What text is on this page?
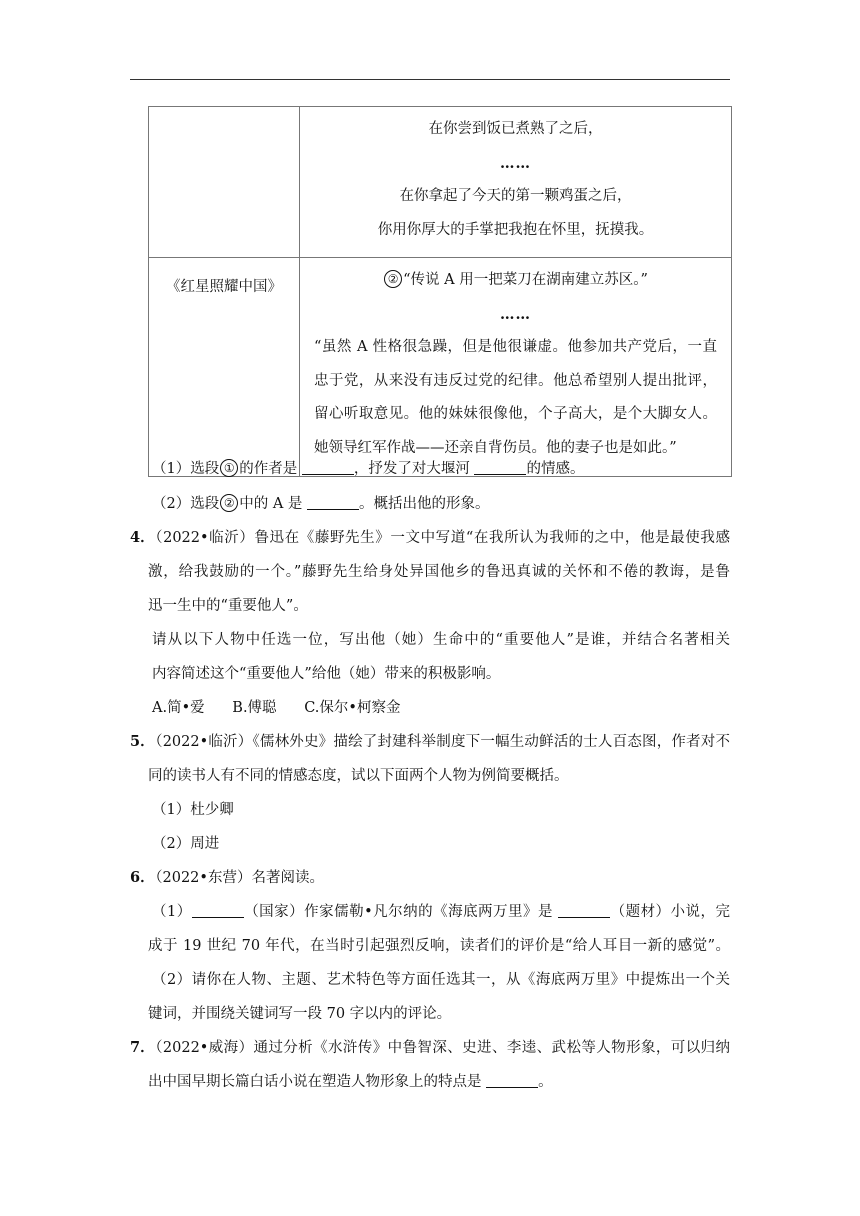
	在你尝到饭已煮熟了之后，
……
在你拿起了今天的第一颗鸡蛋之后，
你用你厚大的手掌把我抱在怀里，抚摸我。

《红星照耀中国》	② “传说 A 用一把菜刀在湖南建立苏区。”
……
“虽然 A 性格很急躁，但是他很谦虚。他参加共产党后，一直忠于党，从来没有违反过党的纪律。他总希望别人提出批评，留心听取意见。他的妹妹很像他，个子高大，是个大脚女人。她领导红军作战——还亲自背伤员。他的妻子也是如此。”
（1）选段 ① 的作者是	，抒发了对大堰河	的情感。
（2）选段 ② 中的 A 是	。概括出他的形象。
4．
（2022•临沂）鲁迅在《藤野先生》一文中写道“在我所认为我师的之中，他是最使我感
激，给我鼓励的一个。”藤野先生给身处异国他乡的鲁迅真诚的关怀和不倦的教诲，是鲁
迅一生中的“重要他人”。
请从以下人物中任选一位，写出他（她）生命中的“重要他人”是谁，并结合名著相关
内容简述这个“重要他人”给他（她）带来的积极影响。
A.简•爱 B.傅聪 C.保尔•柯察金
5．
（2022•临沂）《儒林外史》描绘了封建科举制度下一幅生动鲜活的士人百态图，作者对不
同的读书人有不同的情感态度，试以下面两个人物为例简要概括。
（1）杜少卿
（2）周进
6．
（2022•东营）名著阅读。
（1）	（国家）作家儒勒•凡尔纳的《海底两万里》是	（题材）小说，完
成于 19 世纪 70 年代，在当时引起强烈反响，读者们的评价是“给人耳目一新的感觉”。
（2）请你在人物、主题、艺术特色等方面任选其一，从《海底两万里》中提炼出一个关
键词，并围绕关键词写一段 70 字以内的评论。
7．
（2022•威海）通过分析《水浒传》中鲁智深、史进、李逵、武松等人物形象，可以归纳
出中国早期长篇白话小说在塑造人物形象上的特点是	。
